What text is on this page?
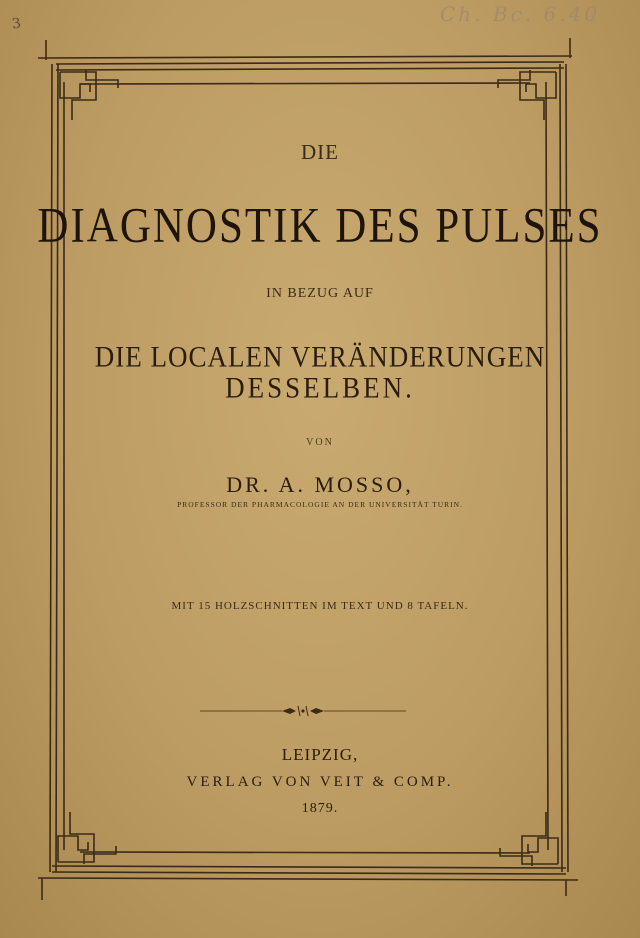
3	Ch. Bc. 6.40
DIE
DIAGNOSTIK DES PULSES
IN BEZUG AUF
DIE LOCALEN VERÄNDERUNGEN
DESSELBEN.
VON
DR. A. MOSSO,
PROFESSOR DER PHARMACOLOGIE AN DER UNIVERSITÄT TURIN.
MIT 15 HOLZSCHNITTEN IM TEXT UND 8 TAFELN.
LEIPZIG,
VERLAG VON VEIT & COMP.
1879.
